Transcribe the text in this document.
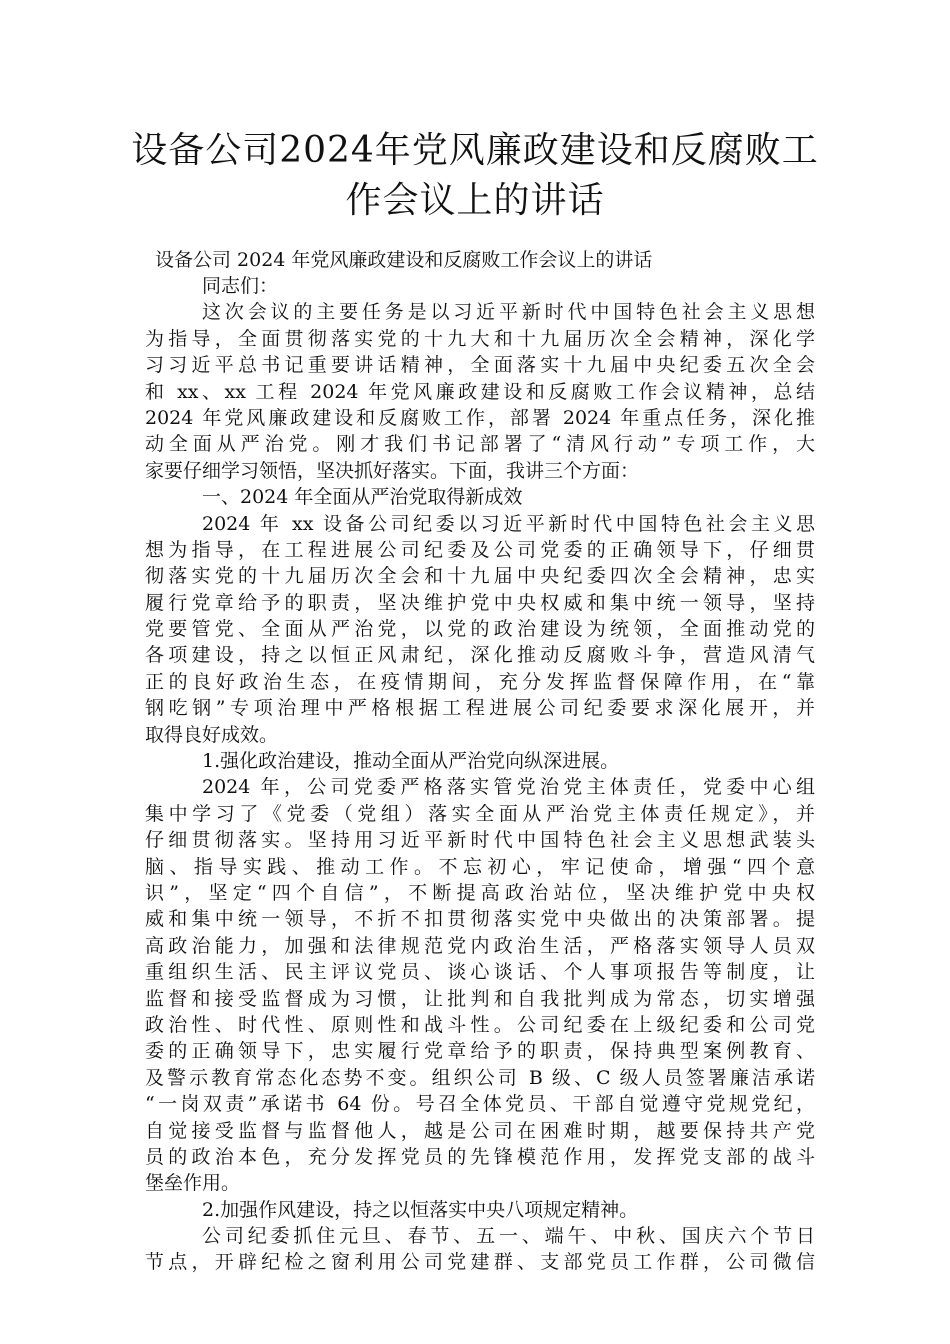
设备公司2024年党风廉政建设和反腐败工
作会议上的讲话

设备公司 2024 年党风廉政建设和反腐败工作会议上的讲话

同志们：
这次会议的主要任务是以习近平新时代中国特色社会主义思想
为指导，全面贯彻落实党的十九大和十九届历次全会精神，深化学
习习近平总书记重要讲话精神，全面落实十九届中央纪委五次全会
和 xx、xx 工程 2024 年党风廉政建设和反腐败工作会议精神，总结
2024 年党风廉政建设和反腐败工作，部署 2024 年重点任务，深化推
动全面从严治党。刚才我们书记部署了“清风行动”专项工作，大
家要仔细学习领悟，坚决抓好落实。下面，我讲三个方面：
一、2024 年全面从严治党取得新成效
2024 年 xx 设备公司纪委以习近平新时代中国特色社会主义思
想为指导，在工程进展公司纪委及公司党委的正确领导下，仔细贯
彻落实党的十九届历次全会和十九届中央纪委四次全会精神，忠实
履行党章给予的职责，坚决维护党中央权威和集中统一领导，坚持
党要管党、全面从严治党，以党的政治建设为统领，全面推动党的
各项建设，持之以恒正风肃纪，深化推动反腐败斗争，营造风清气
正的良好政治生态，在疫情期间，充分发挥监督保障作用，在“靠
钢吃钢”专项治理中严格根据工程进展公司纪委要求深化展开，并
取得良好成效。
1.强化政治建设，推动全面从严治党向纵深进展。
2024 年，公司党委严格落实管党治党主体责任，党委中心组
集中学习了《党委（党组）落实全面从严治党主体责任规定》，并
仔细贯彻落实。坚持用习近平新时代中国特色社会主义思想武装头
脑、指导实践、推动工作。不忘初心，牢记使命，增强“四个意
识”，坚定“四个自信”，不断提高政治站位，坚决维护党中央权
威和集中统一领导，不折不扣贯彻落实党中央做出的决策部署。提
高政治能力，加强和法律规范党内政治生活，严格落实领导人员双
重组织生活、民主评议党员、谈心谈话、个人事项报告等制度，让
监督和接受监督成为习惯，让批判和自我批判成为常态，切实增强
政治性、时代性、原则性和战斗性。公司纪委在上级纪委和公司党
委的正确领导下，忠实履行党章给予的职责，保持典型案例教育、
及警示教育常态化态势不变。组织公司 B 级、C 级人员签署廉洁承诺
“一岗双责”承诺书 64 份。号召全体党员、干部自觉遵守党规党纪，
自觉接受监督与监督他人，越是公司在困难时期，越要保持共产党
员的政治本色，充分发挥党员的先锋模范作用，发挥党支部的战斗
堡垒作用。
2.加强作风建设，持之以恒落实中央八项规定精神。
公司纪委抓住元旦、春节、五一、端午、中秋、国庆六个节日
节点，开辟纪检之窗利用公司党建群、支部党员工作群，公司微信
